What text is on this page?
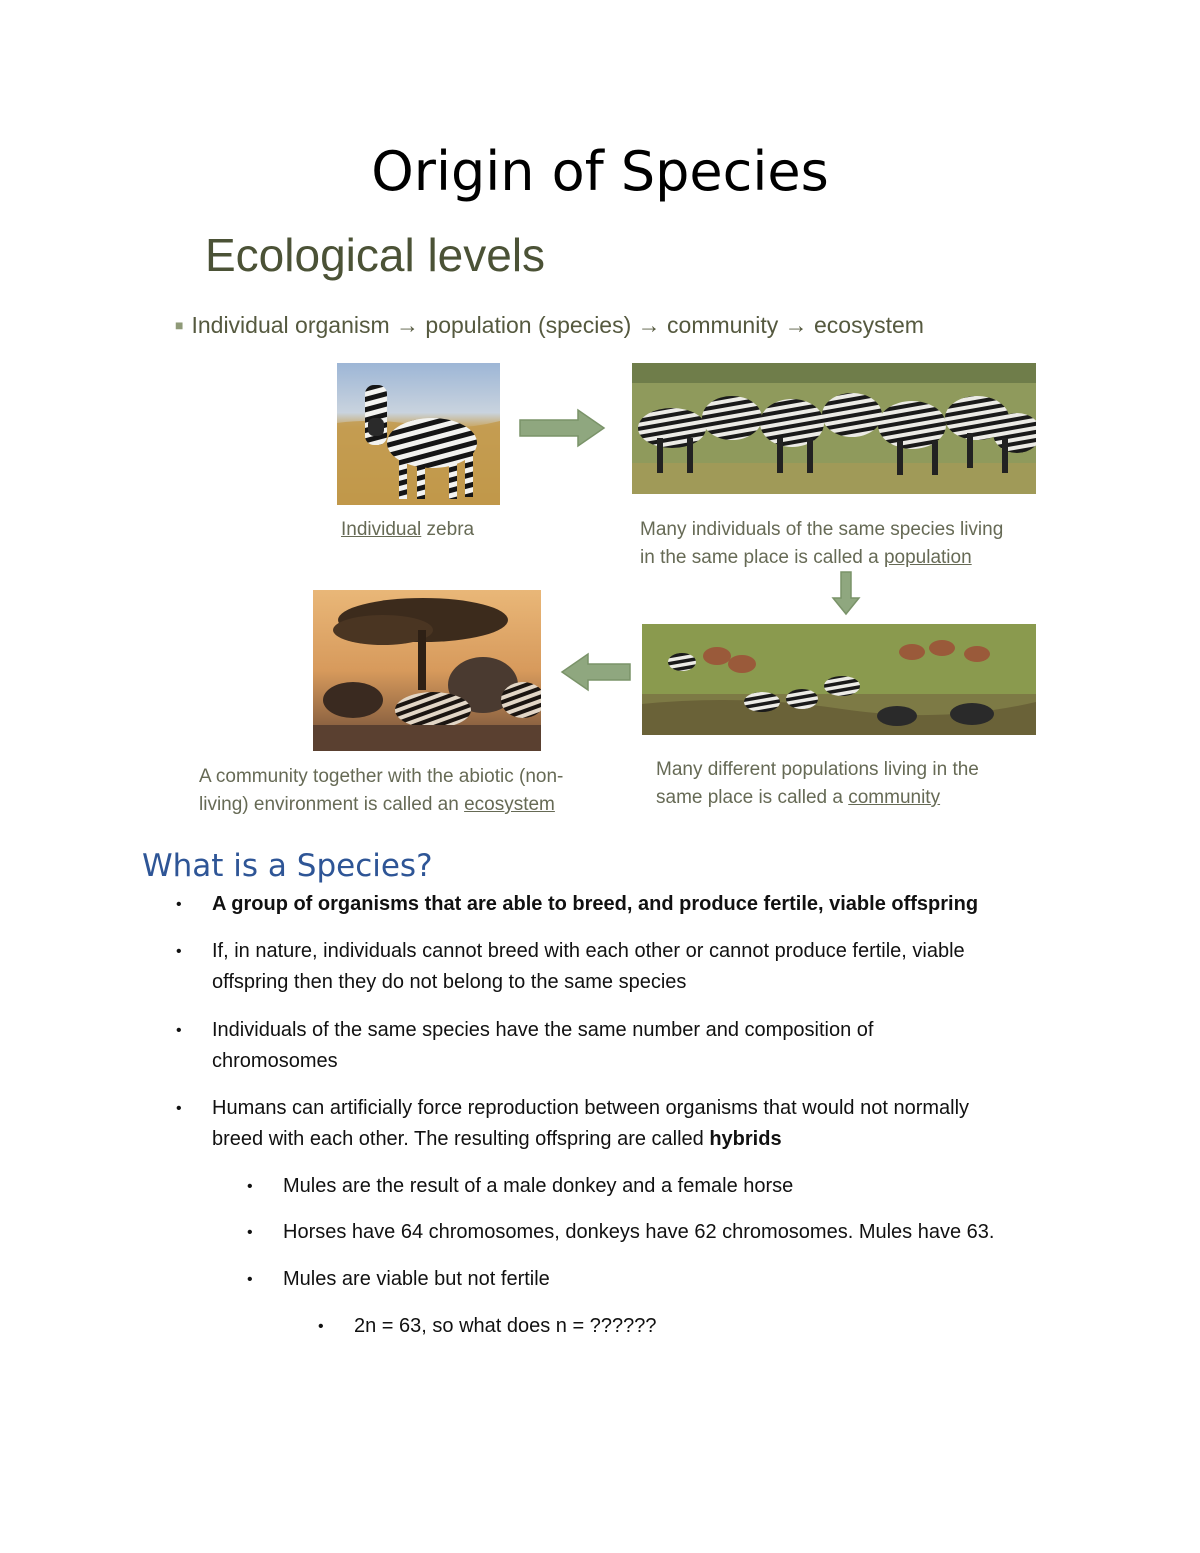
Origin of Species
Ecological levels
■ Individual organism → population (species) → community → ecosystem
Individual zebra	Many individuals of the same species living
in the same place is called a population
A community together with the abiotic (non-
living) environment is called an ecosystem
Many different populations living in the
same place is called a community
What is a Species?
• A group of organisms that are able to breed, and produce fertile, viable offspring
• If, in nature, individuals cannot breed with each other or cannot produce fertile, viable
offspring then they do not belong to the same species
• Individuals of the same species have the same number and composition of
chromosomes
• Humans can artificially force reproduction between organisms that would not normally
breed with each other. The resulting offspring are called hybrids
• Mules are the result of a male donkey and a female horse
• Horses have 64 chromosomes, donkeys have 62 chromosomes. Mules have 63.
• Mules are viable but not fertile
• 2n = 63, so what does n = ??????
